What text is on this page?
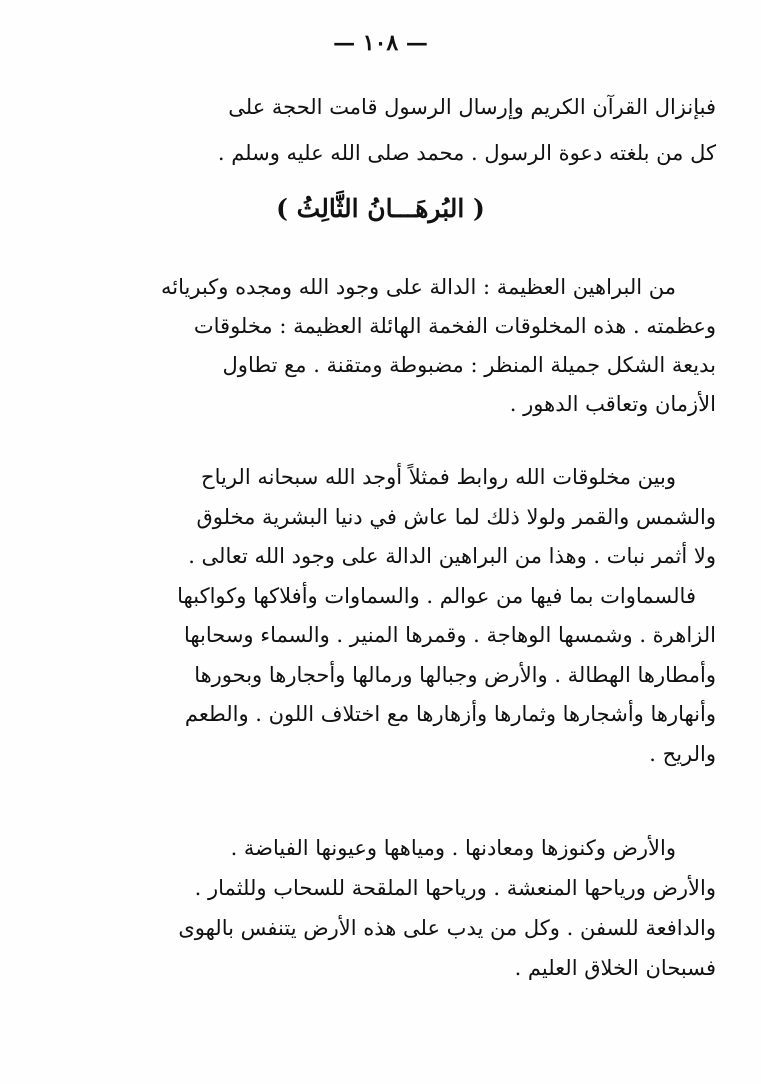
— ١٠٨ —
فبإنزال القرآن الكريم وإرسال الرسول قامت الحجة على
كل من بلغته دعوة الرسول . محمد صلى الله عليه وسلم .
( البُرهَـــانُ الثَّالِثُ )
من البراهين العظيمة : الدالة على وجود الله ومجده وكبريائه
وعظمته . هذه المخلوقات الفخمة الهائلة العظيمة : مخلوقات
بديعة الشكل جميلة المنظر : مضبوطة ومتقنة . مع تطاول
الأزمان وتعاقب الدهور .
وبين مخلوقات الله روابط فمثلاً أوجد الله سبحانه الرياح
والشمس والقمر ولولا ذلك لما عاش في دنيا البشرية مخلوق
ولا أثمر نبات . وهذا من البراهين الدالة على وجود الله تعالى .
فالسماوات بما فيها من عوالم . والسماوات وأفلاكها وكواكبها
الزاهرة . وشمسها الوهاجة . وقمرها المنير . والسماء وسحابها
وأمطارها الهطالة . والأرض وجبالها ورمالها وأحجارها وبحورها
وأنهارها وأشجارها وثمارها وأزهارها مع اختلاف اللون . والطعم
والريح .
والأرض وكنوزها ومعادنها . ومياهها وعيونها الفياضة .
والأرض ورياحها المنعشة . ورياحها الملقحة للسحاب وللثمار .
والدافعة للسفن . وكل من يدب على هذه الأرض يتنفس بالهوى
فسبحان الخلاق العليم .
